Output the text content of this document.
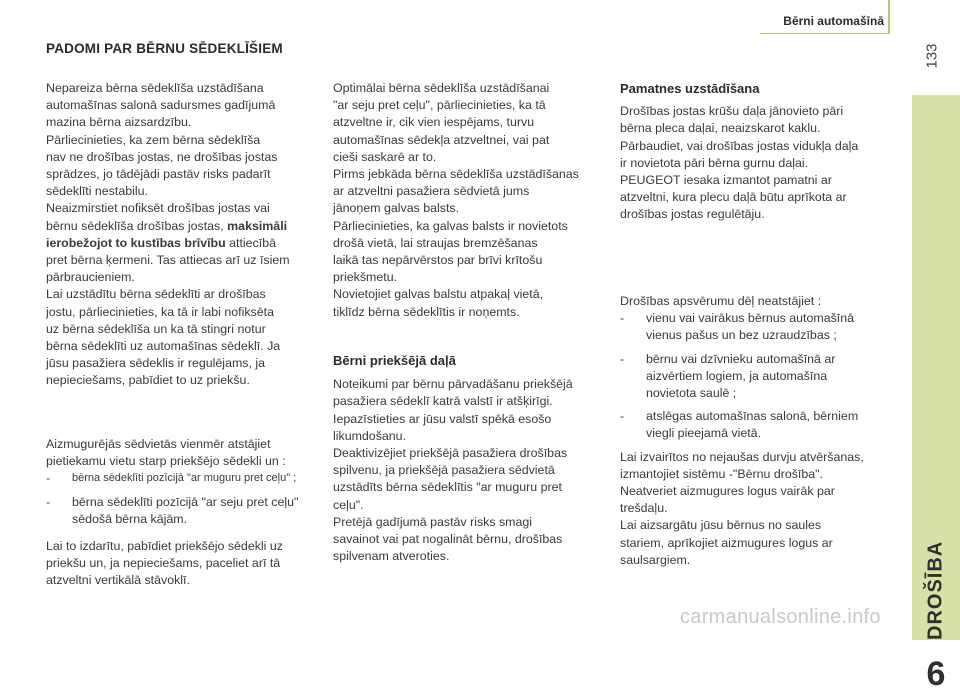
Bērni automašīnā
133
DROŠĪBA
6
PADOMI PAR BĒRNU SĒDEKLĪŠIEM

Nepareiza bērna sēdeklīša uzstādīšana

automašīnas salonā sadursmes gadījumā

mazina bērna aizsardzību.

Pārliecinieties, ka zem bērna sēdeklīša

nav ne drošības jostas, ne drošības jostas

sprādzes, jo tādējādi pastāv risks padarīt

sēdeklīti nestabilu.

Neaizmirstiet nofiksēt drošības jostas vai

bērnu sēdeklīša drošības jostas, maksimāli

ierobežojot to kustības brīvību attiecībā

pret bērna ķermeni. Tas attiecas arī uz īsiem

pārbraucieniem.

Lai uzstādītu bērna sēdeklīti ar drošības

jostu, pārliecinieties, ka tā ir labi nofiksēta

uz bērna sēdeklīša un ka tā stingri notur

bērna sēdeklīti uz automašīnas sēdeklī. Ja

jūsu pasažiera sēdeklis ir regulējams, ja

nepieciešams, pabīdiet to uz priekšu.

Aizmugurējās sēdvietās vienmēr atstājiet

pietiekamu vietu starp priekšējo sēdekli un :

-	bērna sēdeklīti pozīcijā "ar muguru pret ceļu" ;
-	bērna sēdeklīti pozīcijā "ar seju pret ceļu"
sēdošā bērna kājām.

Lai to izdarītu, pabīdiet priekšējo sēdekli uz

priekšu un, ja nepieciešams, paceliet arī tā

atzveltni vertikālā stāvoklī.

Optimālai bērna sēdeklīša uzstādīšanai

"ar seju pret ceļu", pārliecinieties, ka tā

atzveltne ir, cik vien iespējams, turvu

automašīnas sēdekļa atzveltnei, vai pat

cieši saskarē ar to.

Pirms jebkāda bērna sēdeklīša uzstādīšanas

ar atzveltni pasažiera sēdvietā jums

jānoņem galvas balsts.

Pārliecinieties, ka galvas balsts ir novietots

drošā vietā, lai straujas bremzēšanas

laikā tas nepārvērstos par brīvi krītošu

priekšmetu.

Novietojiet galvas balstu atpakaļ vietā,

tiklīdz bērna sēdeklītis ir noņemts.

Bērni priekšējā daļā

Noteikumi par bērnu pārvadāšanu priekšējā

pasažiera sēdeklī katrā valstī ir atšķirīgi.

Iepazīstieties ar jūsu valstī spēkā esošo

likumdošanu.

Deaktivizējiet priekšējā pasažiera drošības

spilvenu, ja priekšējā pasažiera sēdvietā

uzstādīts bērna sēdeklītis "ar muguru pret

ceļu".

Pretējā gadījumā pastāv risks smagi

savainot vai pat nogalināt bērnu, drošības

spilvenam atveroties.

Pamatnes uzstādīšana

Drošības jostas krūšu daļa jānovieto pāri

bērna pleca daļai, neaizskarot kaklu.

Pārbaudiet, vai drošības jostas vidukļa daļa

ir novietota pāri bērna gurnu daļai.

PEUGEOT iesaka izmantot pamatni ar

atzveltni, kura plecu daļā būtu aprīkota ar

drošības jostas regulētāju.

Drošības apsvērumu dēļ neatstājiet :

-	vienu vai vairākus bērnus automašīnā
vienus pašus un bez uzraudzības ;
-	bērnu vai dzīvnieku automašīnā ar
aizvērtiem logiem, ja automašīna
novietota saulē ;
-	atslēgas automašīnas salonā, bērniem
viegli pieejamā vietā.

Lai izvairītos no nejaušas durvju atvēršanas,

izmantojiet sistēmu -"Bērnu drošība".

Neatveriet aizmugures logus vairāk par

trešdaļu.

Lai aizsargātu jūsu bērnus no saules

stariem, aprīkojiet aizmugures logus ar

saulsargiem.

carmanualsonline.info
